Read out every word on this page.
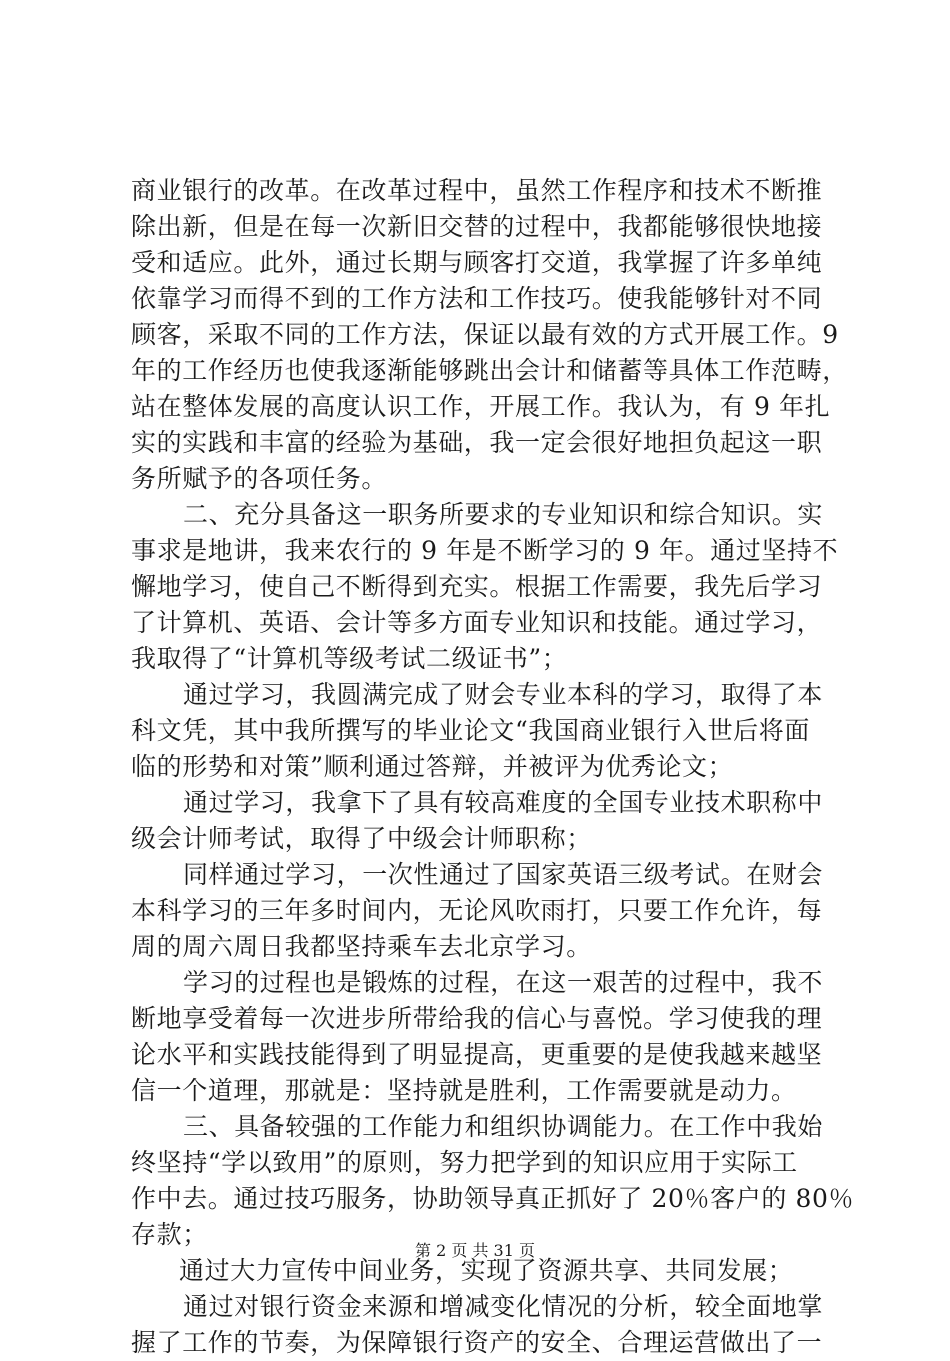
商业银行的改革。在改革过程中，虽然工作程序和技术不断推
除出新，但是在每一次新旧交替的过程中，我都能够很快地接
受和适应。此外，通过长期与顾客打交道，我掌握了许多单纯
依靠学习而得不到的工作方法和工作技巧。使我能够针对不同
顾客，采取不同的工作方法，保证以最有效的方式开展工作。9
年的工作经历也使我逐渐能够跳出会计和储蓄等具体工作范畴，
站在整体发展的高度认识工作，开展工作。我认为，有 9 年扎
实的实践和丰富的经验为基础，我一定会很好地担负起这一职
务所赋予的各项任务。
二、充分具备这一职务所要求的专业知识和综合知识。实
事求是地讲，我来农行的 9 年是不断学习的 9 年。通过坚持不
懈地学习，使自己不断得到充实。根据工作需要，我先后学习
了计算机、英语、会计等多方面专业知识和技能。通过学习，
我取得了“计算机等级考试二级证书”；
通过学习，我圆满完成了财会专业本科的学习，取得了本
科文凭，其中我所撰写的毕业论文“我国商业银行入世后将面
临的形势和对策”顺利通过答辩，并被评为优秀论文；
通过学习，我拿下了具有较高难度的全国专业技术职称中
级会计师考试，取得了中级会计师职称；
同样通过学习，一次性通过了国家英语三级考试。在财会
本科学习的三年多时间内，无论风吹雨打，只要工作允许，每
周的周六周日我都坚持乘车去北京学习。
学习的过程也是锻炼的过程，在这一艰苦的过程中，我不
断地享受着每一次进步所带给我的信心与喜悦。学习使我的理
论水平和实践技能得到了明显提高，更重要的是使我越来越坚
信一个道理，那就是：坚持就是胜利，工作需要就是动力。
三、具备较强的工作能力和组织协调能力。在工作中我始
终坚持“学以致用”的原则，努力把学到的知识应用于实际工
作中去。通过技巧服务，协助领导真正抓好了 20％客户的 80％
存款；
通过大力宣传中间业务，实现了资源共享、共同发展；
通过对银行资金来源和增减变化情况的分析，较全面地掌
握了工作的节奏，为保障银行资产的安全、合理运营做出了一
第 2 页 共 31 页
